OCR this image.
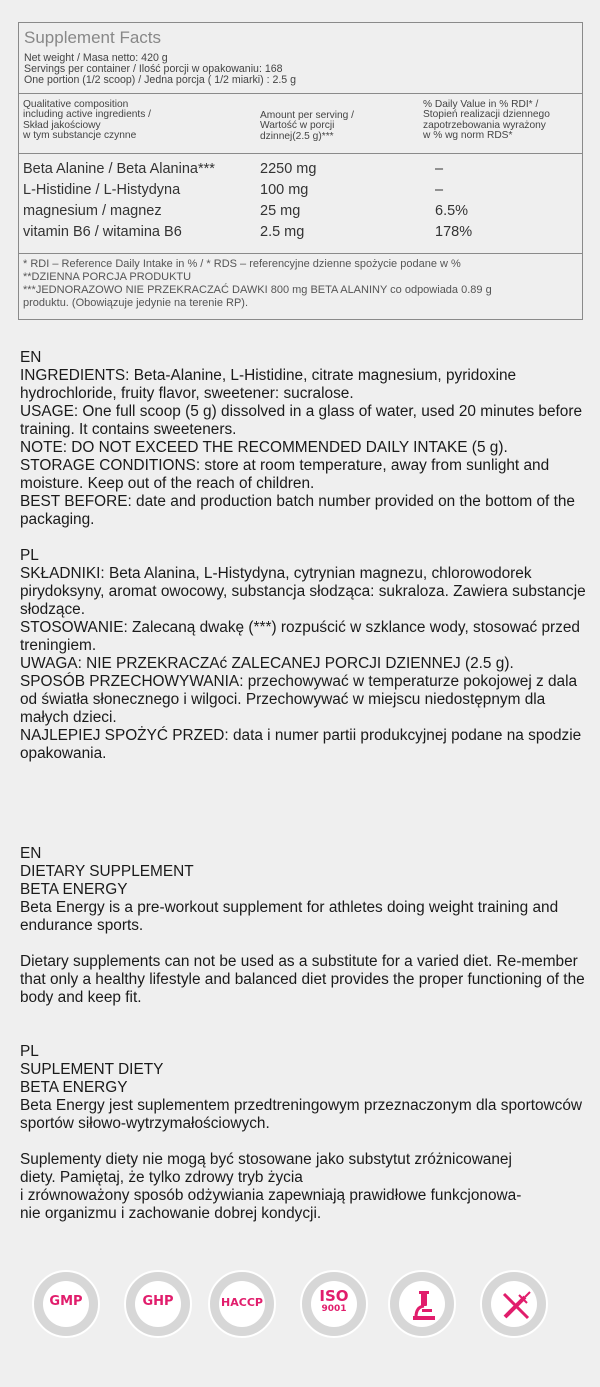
Supplement Facts
Net weight / Masa netto: 420 g
Servings per container / Ilość porcji w opakowaniu: 168
One portion (1/2 scoop) / Jedna porcja ( 1/2 miarki) : 2.5 g
Qualitative composition
including active ingredients /
Skład jakościowy
w tym substancje czynne
Amount per serving /
Wartość w porcji
dzinnej(2.5 g)***
% Daily Value in % RDI* /
Stopień realizacji dziennego
zapotrzebowania wyrażony
w % wg norm RDS*
Beta Alanine / Beta Alanina***	2250 mg	–
L-Histidine / L-Histydyna	100 mg	–
magnesium / magnez	25 mg	6.5%
vitamin B6 / witamina B6	2.5 mg	178%
* RDI – Reference Daily Intake in % / * RDS – referencyjne dzienne spożycie podane w %
**DZIENNA PORCJA PRODUKTU
***JEDNORAZOWO NIE PRZEKRACZAĆ DAWKI 800 mg BETA ALANINY co odpowiada 0.89 g
produktu. (Obowiązuje jedynie na terenie RP).

EN

INGREDIENTS: Beta-Alanine, L-Histidine, citrate magnesium, pyridoxine hydrochloride, fruity flavor, sweetener: sucralose.

USAGE: One full scoop (5 g) dissolved in a glass of water, used 20 minutes before training. It contains sweeteners.

NOTE: DO NOT EXCEED THE RECOMMENDED DAILY INTAKE (5 g).

STORAGE CONDITIONS: store at room temperature, away from sunlight and moisture. Keep out of the reach of children.

BEST BEFORE: date and production batch number provided on the bottom of the packaging.

PL

SKŁADNIKI: Beta Alanina, L-Histydyna, cytrynian magnezu, chlorowodorek pirydoksyny, aromat owocowy, substancja słodząca: sukraloza. Zawiera substancje słodzące.

STOSOWANIE: Zalecaną dwakę (***) rozpuścić w szklance wody, stosować przed treningiem.

UWAGA: NIE PRZEKRACZAć ZALECANEJ PORCJI DZIENNEJ (2.5 g).

SPOSÓB PRZECHOWYWANIA: przechowywać w temperaturze pokojowej z dala od światła słonecznego i wilgoci. Przechowywać w miejscu niedostępnym dla małych dzieci.

NAJLEPIEJ SPOŻYĆ PRZED: data i numer partii produkcyjnej podane na spodzie opakowania.

EN

DIETARY SUPPLEMENT

BETA ENERGY

Beta Energy is a pre-workout supplement for athletes doing weight training and endurance sports.

Dietary supplements can not be used as a substitute for a varied diet. Re-member that only a healthy lifestyle and balanced diet provides the proper functioning of the body and keep fit.

PL

SUPLEMENT DIETY

BETA ENERGY

Beta Energy jest suplementem przedtreningowym przeznaczonym dla sportowców sportów siłowo-wytrzymałościowych.

Suplementy diety nie mogą być stosowane jako substytut zróżnicowanej

diety. Pamiętaj, że tylko zdrowy tryb życia

i zrównoważony sposób odżywiania zapewniają prawidłowe funkcjonowa-

nie organizmu i zachowanie dobrej kondycji.

GMP
★★★
GHP
★★★
HACCP
★★★
ISO
9001
★★★	★★★	★★★
